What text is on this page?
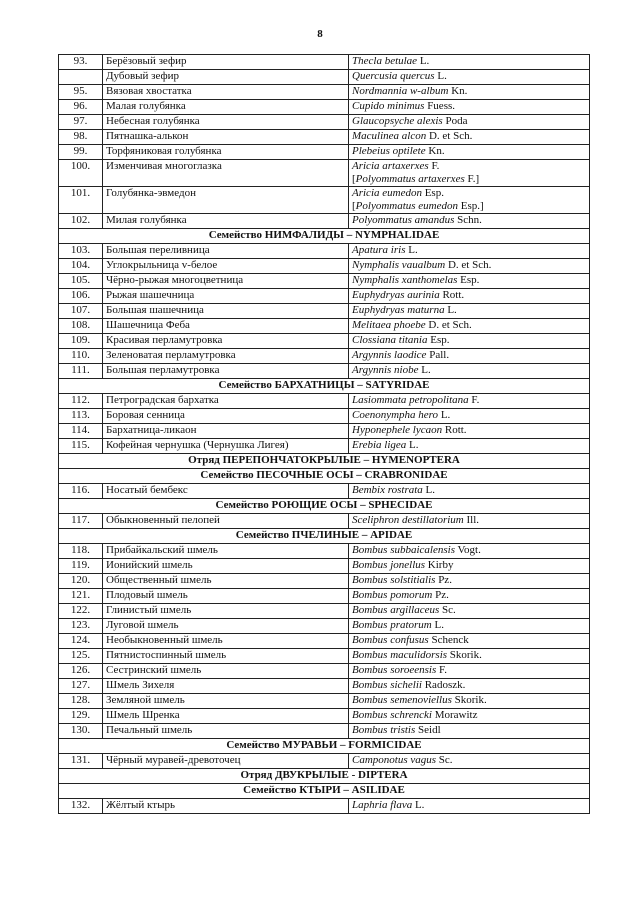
8
93.	Берёзовый зефир	Thecla betulae L.

	Дубовый зефир	Quercusia quercus L.

95.	Вязовая хвостатка	Nordmannia w-album Kn.

96.	Малая голубянка	Cupido minimus Fuess.

97.	Небесная голубянка	Glaucopsyche alexis Poda

98.	Пятнашка-алькон	Maculinea alcon D. et Sch.

99.	Торфяниковая голубянка	Plebeius optilete Kn.

100.	Изменчивая многоглазка	Aricia artaxerxes F.
[Polyommatus artaxerxes F.]

101.	Голубянка-эвмедон	Aricia eumedon Esp.
[Polyommatus eumedon Esp.]

102.	Милая голубянка	Polyommatus amandus Schn.

Семейство НИМФАЛИДЫ – NYMPHALIDAE		
103.	Большая переливница	Apatura iris L.

104.	Углокрыльница v-белое	Nymphalis vaualbum D. et Sch.

105.	Чёрно-рыжая многоцветница	Nymphalis xanthomelas Esp.

106.	Рыжая шашечница	Euphydryas aurinia Rott.

107.	Большая шашечница	Euphydryas maturna L.

108.	Шашечница Феба	Melitaea phoebe D. et Sch.

109.	Красивая перламутровка	Clossiana titania Esp.

110.	Зеленоватая перламутровка	Argynnis laodice Pall.

111.	Большая перламутровка	Argynnis niobe L.

Семейство БАРХАТНИЦЫ – SATYRIDAE		
112.	Петроградская бархатка	Lasiommata petropolitana F.

113.	Боровая сенница	Coenonympha hero L.

114.	Бархатница-ликаон	Hyponephele lycaon Rott.

115.	Кофейная чернушка (Чернушка Лигея)	Erebia ligea L.

Отряд ПЕРЕПОНЧАТОКРЫЛЫЕ – HYMENOPTERA		
Семейство ПЕСОЧНЫЕ ОСЫ – CRABRONIDAE		
116.	Носатый бембекс	Bembix rostrata L.

Семейство РОЮЩИЕ ОСЫ – SPHECIDAE		
117.	Обыкновенный пелопей	Sceliphron destillatorium Ill.

Семейство ПЧЕЛИНЫЕ – APIDAE		
118.	Прибайкальский шмель	Bombus subbaicalensis Vogt.

119.	Ионийский шмель	Bombus jonellus Kirby

120.	Общественный шмель	Bombus solstitialis Pz.

121.	Плодовый шмель	Bombus pomorum Pz.

122.	Глинистый шмель	Bombus argillaceus Sc.

123.	Луговой шмель	Bombus pratorum L.

124.	Необыкновенный шмель	Bombus confusus Schenck

125.	Пятнистоспинный шмель	Bombus maculidorsis Skorik.

126.	Сестринский шмель	Bombus soroeensis F.

127.	Шмель Зихеля	Bombus sichelii Radoszk.

128.	Земляной шмель	Bombus semenoviellus Skorik.

129.	Шмель Шренка	Bombus schrencki Morawitz

130.	Печальный шмель	Bombus tristis Seidl

Семейство МУРАВЬИ – FORMICIDAE		
131.	Чёрный муравей-древоточец	Camponotus vagus Sc.

Отряд ДВУКРЫЛЫЕ - DIPTERA		
Семейство КТЫРИ – ASILIDAE		
132.	Жёлтый ктырь	Laphria flava L.
